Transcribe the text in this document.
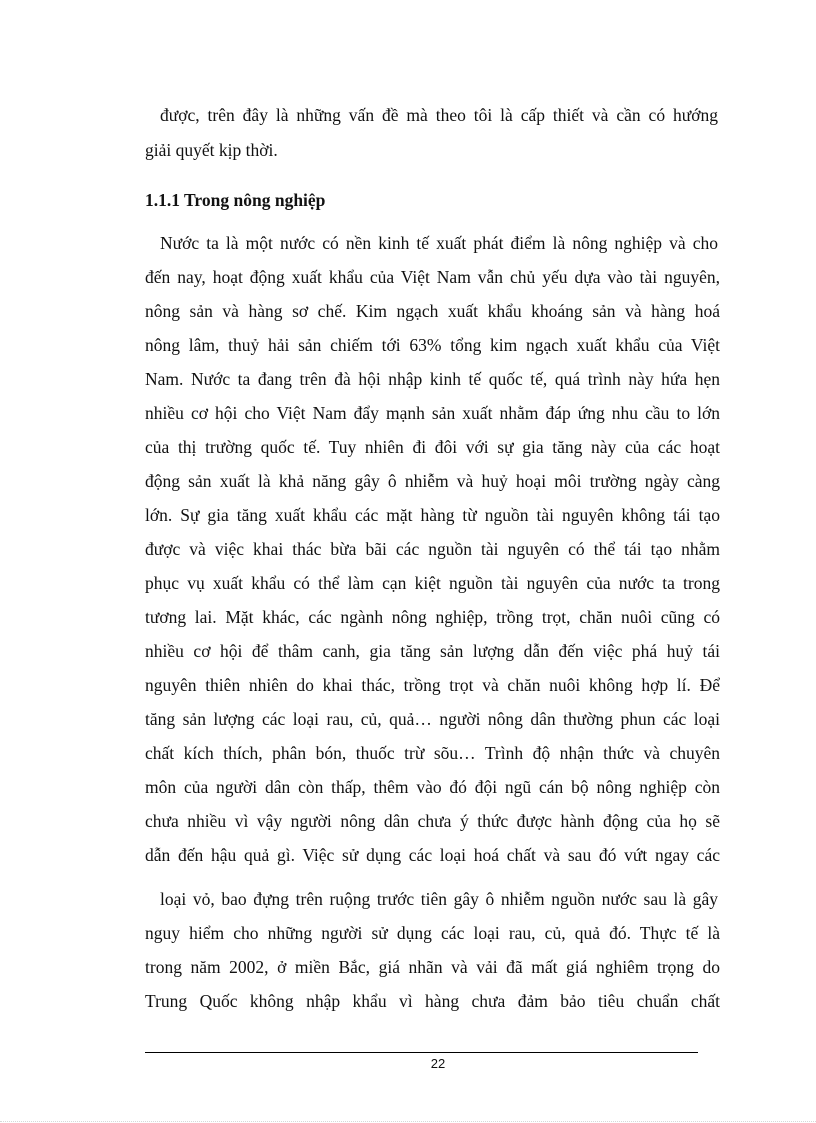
được, trên đây là những vấn đề mà theo tôi là cấp thiết và cần có hướng
giải quyết kịp thời.
1.1.1 Trong nông nghiệp
Nước ta là một nước có nền kinh tế xuất phát điểm là nông nghiệp và cho
đến nay, hoạt động xuất khẩu của Việt Nam vẫn chủ yếu dựa vào tài nguyên,
nông sản và hàng sơ chế. Kim ngạch xuất khẩu khoáng sản và hàng hoá
nông lâm, thuỷ hải sản chiếm tới 63% tổng kim ngạch xuất khẩu của Việt
Nam. Nước ta đang trên đà hội nhập kinh tế quốc tế, quá trình này hứa hẹn
nhiều cơ hội cho Việt Nam đẩy mạnh sản xuất nhằm đáp ứng nhu cầu to lớn
của thị trường quốc tế. Tuy nhiên đi đôi với sự gia tăng này của các hoạt
động sản xuất là khả năng gây ô nhiễm và huỷ hoại môi trường ngày càng
lớn. Sự gia tăng xuất khẩu các mặt hàng từ nguồn tài nguyên không tái tạo
được và việc khai thác bừa bãi các nguồn tài nguyên có thể tái tạo nhằm
phục vụ xuất khẩu có thể làm cạn kiệt nguồn tài nguyên của nước ta trong
tương lai. Mặt khác, các ngành nông nghiệp, trồng trọt, chăn nuôi cũng có
nhiều cơ hội để thâm canh, gia tăng sản lượng dẫn đến việc phá huỷ tái
nguyên thiên nhiên do khai thác, trồng trọt và chăn nuôi không hợp lí. Để
tăng sản lượng các loại rau, củ, quả… người nông dân thường phun các loại
chất kích thích, phân bón, thuốc trừ sõu… Trình độ nhận thức và chuyên
môn của người dân còn thấp, thêm vào đó đội ngũ cán bộ nông nghiệp còn
chưa nhiều vì vậy người nông dân chưa ý thức được hành động của họ sẽ
dẫn đến hậu quả gì. Việc sử dụng các loại hoá chất và sau đó vứt ngay các
loại vỏ, bao đựng trên ruộng trước tiên gây ô nhiễm nguồn nước sau là gây
nguy hiểm cho những người sử dụng các loại rau, củ, quả đó. Thực tế là
trong năm 2002, ở miền Bắc, giá nhãn và vải đã mất giá nghiêm trọng do
Trung Quốc không nhập khẩu vì hàng chưa đảm bảo tiêu chuẩn chất
22
